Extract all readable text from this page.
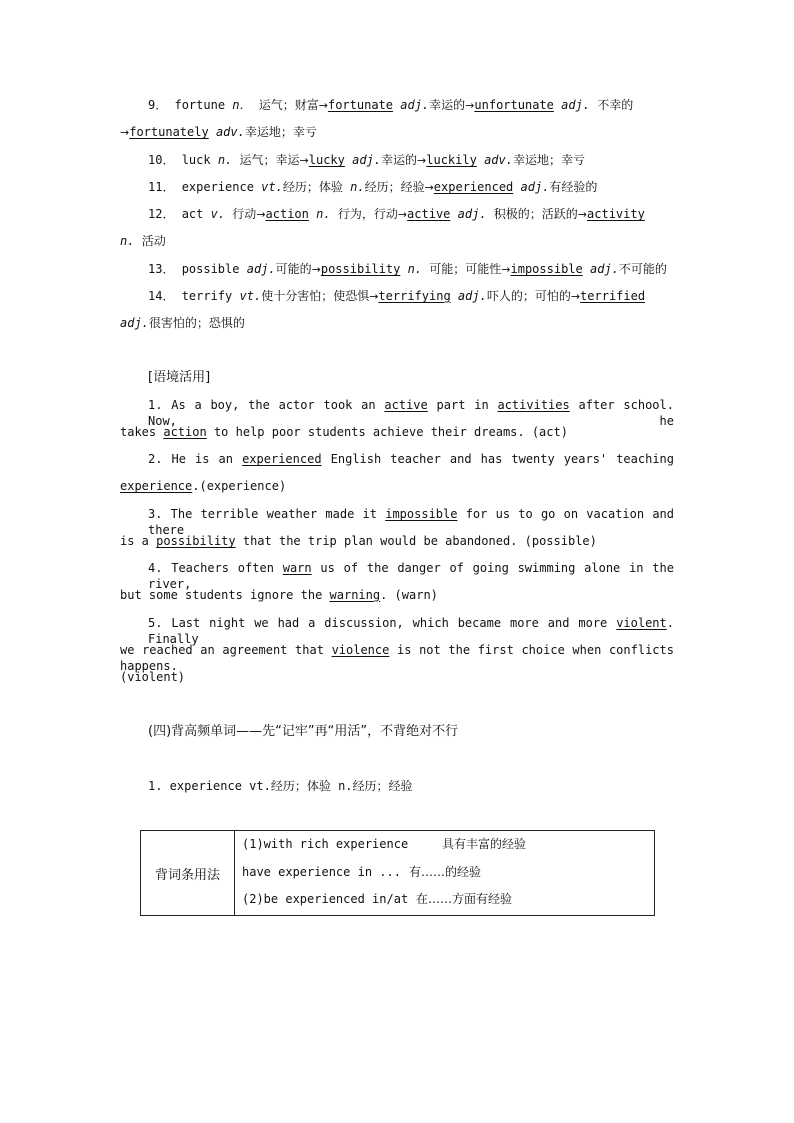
9． fortune n． 运气；财富→fortunate adj.幸运的→unfortunate adj. 不幸的
→fortunately adv.幸运地；幸亏
10． luck n. 运气；幸运→lucky adj.幸运的→luckily adv.幸运地；幸亏
11． experience vt.经历；体验 n.经历；经验→experienced adj.有经验的
12． act v. 行动→action n. 行为，行动→active adj. 积极的；活跃的→activity
n. 活动
13． possible adj.可能的→possibility n. 可能；可能性→impossible adj.不可能的
14． terrify vt.使十分害怕；使恐惧→terrifying adj.吓人的；可怕的→terrified
adj.很害怕的；恐惧的
[语境活用]
1. As a boy, the actor took an active part in activities after school. Now, he
takes action to help poor students achieve their dreams. (act)
2. He is an experienced English teacher and has twenty years' teaching
experience.(experience)
3. The terrible weather made it impossible for us to go on vacation and there
is a possibility that the trip plan would be abandoned. (possible)
4. Teachers often warn us of the danger of going swimming alone in the river,
but some students ignore the warning. (warn)
5. Last night we had a discussion, which became more and more violent. Finally
we reached an agreement that violence is not the first choice when conflicts happens.
(violent)
(四)背高频单词——先“记牢”再“用活”，不背绝对不行
1. experience vt.经历；体验 n.经历；经验
背词条用法	
(1)with rich experience	具有丰富的经验
have experience in ... 有……的经验
(2)be experienced in/at 在……方面有经验
